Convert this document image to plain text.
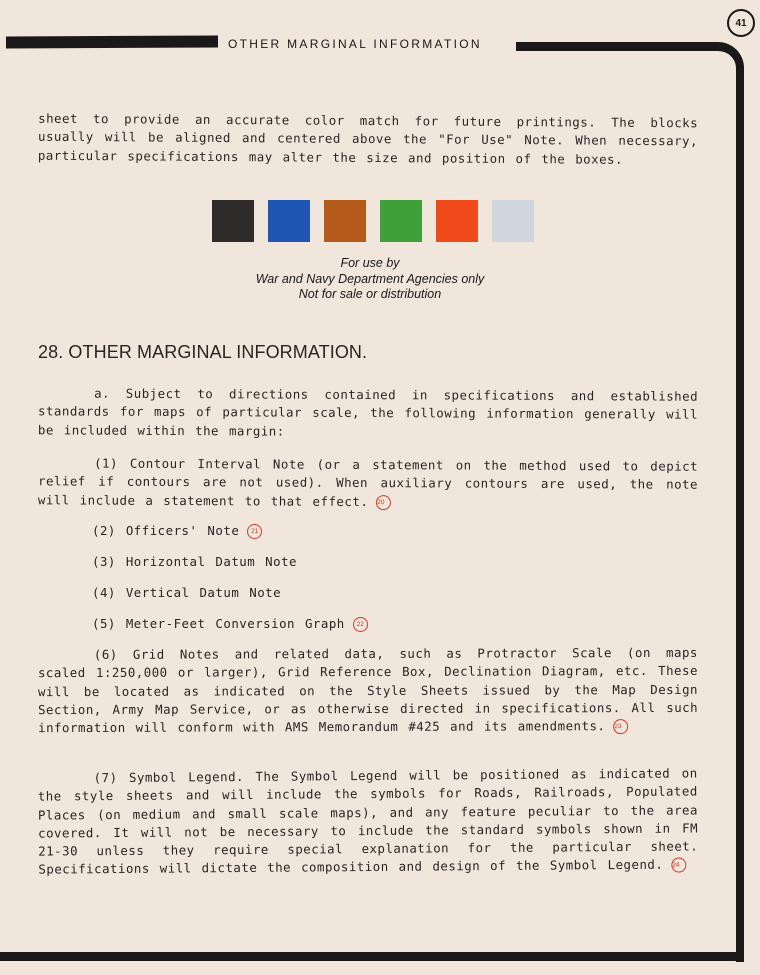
41
OTHER MARGINAL INFORMATION
sheet to provide an accurate color match for future printings. The blocks usually will be aligned and centered above the "For Use" Note. When necessary, particular specifications may alter the size and position of the boxes.
For use by
War and Navy Department Agencies only
Not for sale or distribution
28. OTHER MARGINAL INFORMATION.
a. Subject to directions contained in specifications and established standards for maps of particular scale, the following information generally will be included within the margin:
(1) Contour Interval Note (or a statement on the method used to depict relief if contours are not used). When auxiliary contours are used, the note will include a statement to that effect. 20
(2) Officers' Note 21
(3) Horizontal Datum Note
(4) Vertical Datum Note
(5) Meter-Feet Conversion Graph 22
(6) Grid Notes and related data, such as Protractor Scale (on maps scaled 1:250,000 or larger), Grid Reference Box, Declination Diagram, etc. These will be located as indicated on the Style Sheets issued by the Map Design Section, Army Map Service, or as otherwise directed in specifications. All such information will conform with AMS Memorandum #425 and its amendments. 23
(7) Symbol Legend. The Symbol Legend will be positioned as indicated on the style sheets and will include the symbols for Roads, Railroads, Populated Places (on medium and small scale maps), and any feature peculiar to the area covered. It will not be necessary to include the standard symbols shown in FM 21-30 unless they require special explanation for the particular sheet. Specifications will dictate the composition and design of the Symbol Legend. 24
